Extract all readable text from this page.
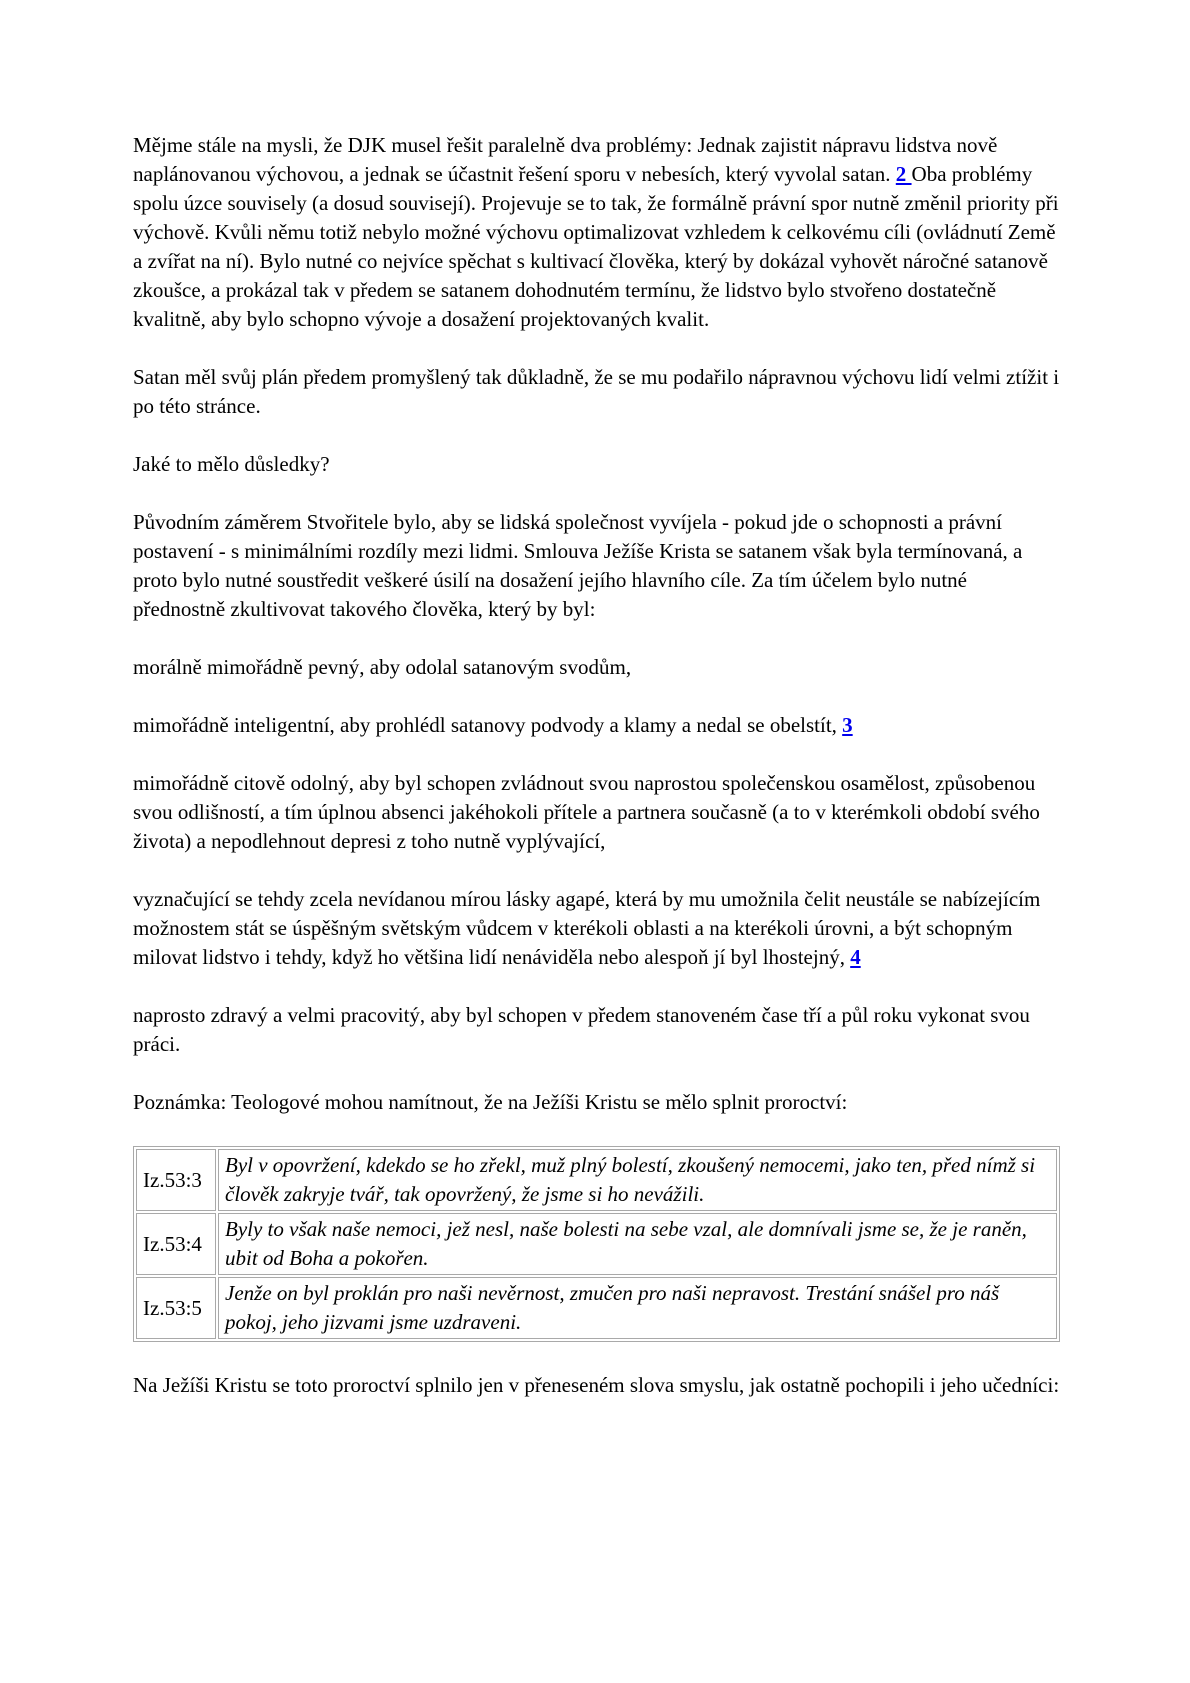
Mějme stále na mysli, že DJK musel řešit paralelně dva problémy: Jednak zajistit nápravu lidstva nově naplánovanou výchovou, a jednak se účastnit řešení sporu v nebesích, který vyvolal satan. 2 Oba problémy spolu úzce souvisely (a dosud souvisejí). Projevuje se to tak, že formálně právní spor nutně změnil priority při výchově. Kvůli němu totiž nebylo možné výchovu optimalizovat vzhledem k celkovému cíli (ovládnutí Země a zvířat na ní). Bylo nutné co nejvíce spěchat s kultivací člověka, který by dokázal vyhovět náročné satanově zkoušce, a prokázal tak v předem se satanem dohodnutém termínu, že lidstvo bylo stvořeno dostatečně kvalitně, aby bylo schopno vývoje a dosažení projektovaných kvalit.

Satan měl svůj plán předem promyšlený tak důkladně, že se mu podařilo nápravnou výchovu lidí velmi ztížit i po této stránce.

Jaké to mělo důsledky?

Původním záměrem Stvořitele bylo, aby se lidská společnost vyvíjela - pokud jde o schopnosti a právní postavení - s minimálními rozdíly mezi lidmi. Smlouva Ježíše Krista se satanem však byla termínovaná, a proto bylo nutné soustředit veškeré úsilí na dosažení jejího hlavního cíle. Za tím účelem bylo nutné přednostně zkultivovat takového člověka, který by byl:

morálně mimořádně pevný, aby odolal satanovým svodům,

mimořádně inteligentní, aby prohlédl satanovy podvody a klamy a nedal se obelstít, 3

mimořádně citově odolný, aby byl schopen zvládnout svou naprostou společenskou osamělost, způsobenou svou odlišností, a tím úplnou absenci jakéhokoli přítele a partnera současně (a to v kterémkoli období svého života) a nepodlehnout depresi z toho nutně vyplývající,

vyznačující se tehdy zcela nevídanou mírou lásky agapé, která by mu umožnila čelit neustále se nabízejícím možnostem stát se úspěšným světským vůdcem v kterékoli oblasti a na kterékoli úrovni, a být schopným milovat lidstvo i tehdy, když ho většina lidí nenáviděla nebo alespoň jí byl lhostejný, 4

naprosto zdravý a velmi pracovitý, aby byl schopen v předem stanoveném čase tří a půl roku vykonat svou práci.

Poznámka: Teologové mohou namítnout, že na Ježíši Kristu se mělo splnit proroctví:

Iz.53:3	Byl v opovržení, kdekdo se ho zřekl, muž plný bolestí, zkoušený nemocemi, jako ten, před nímž si člověk zakryje tvář, tak opovržený, že jsme si ho nevážili.
Iz.53:4	Byly to však naše nemoci, jež nesl, naše bolesti na sebe vzal, ale domnívali jsme se, že je raněn, ubit od Boha a pokořen.
Iz.53:5	Jenže on byl proklán pro naši nevěrnost, zmučen pro naši nepravost. Trestání snášel pro náš pokoj, jeho jizvami jsme uzdraveni.

Na Ježíši Kristu se toto proroctví splnilo jen v přeneseném slova smyslu, jak ostatně pochopili i jeho učedníci:
